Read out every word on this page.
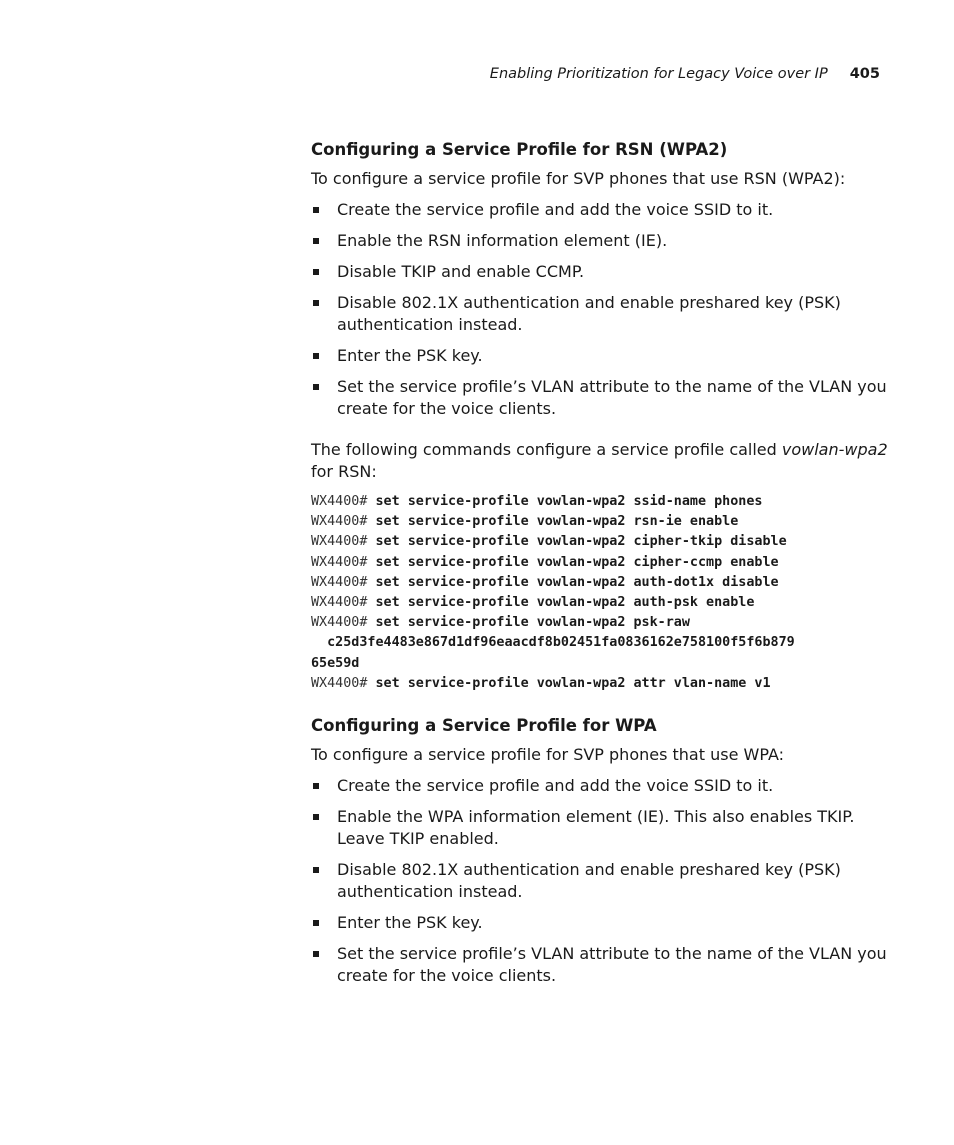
Enabling Prioritization for Legacy Voice over IP 405
Configuring a Service Profile for RSN (WPA2)

To configure a service profile for SVP phones that use RSN (WPA2):

Create the service profile and add the voice SSID to it.
Enable the RSN information element (IE).
Disable TKIP and enable CCMP.
Disable 802.1X authentication and enable preshared key (PSK) authentication instead.
Enter the PSK key.
Set the service profile’s VLAN attribute to the name of the VLAN you create for the voice clients.

The following commands configure a service profile called vowlan-wpa2 for RSN:

WX4400# set service-profile vowlan-wpa2 ssid-name phones
WX4400# set service-profile vowlan-wpa2 rsn-ie enable
WX4400# set service-profile vowlan-wpa2 cipher-tkip disable
WX4400# set service-profile vowlan-wpa2 cipher-ccmp enable
WX4400# set service-profile vowlan-wpa2 auth-dot1x disable
WX4400# set service-profile vowlan-wpa2 auth-psk enable
WX4400# set service-profile vowlan-wpa2 psk-raw
c25d3fe4483e867d1df96eaacdf8b02451fa0836162e758100f5f6b879
65e59d
WX4400# set service-profile vowlan-wpa2 attr vlan-name v1
Configuring a Service Profile for WPA

To configure a service profile for SVP phones that use WPA:

Create the service profile and add the voice SSID to it.
Enable the WPA information element (IE). This also enables TKIP. Leave TKIP enabled.
Disable 802.1X authentication and enable preshared key (PSK) authentication instead.
Enter the PSK key.
Set the service profile’s VLAN attribute to the name of the VLAN you create for the voice clients.
